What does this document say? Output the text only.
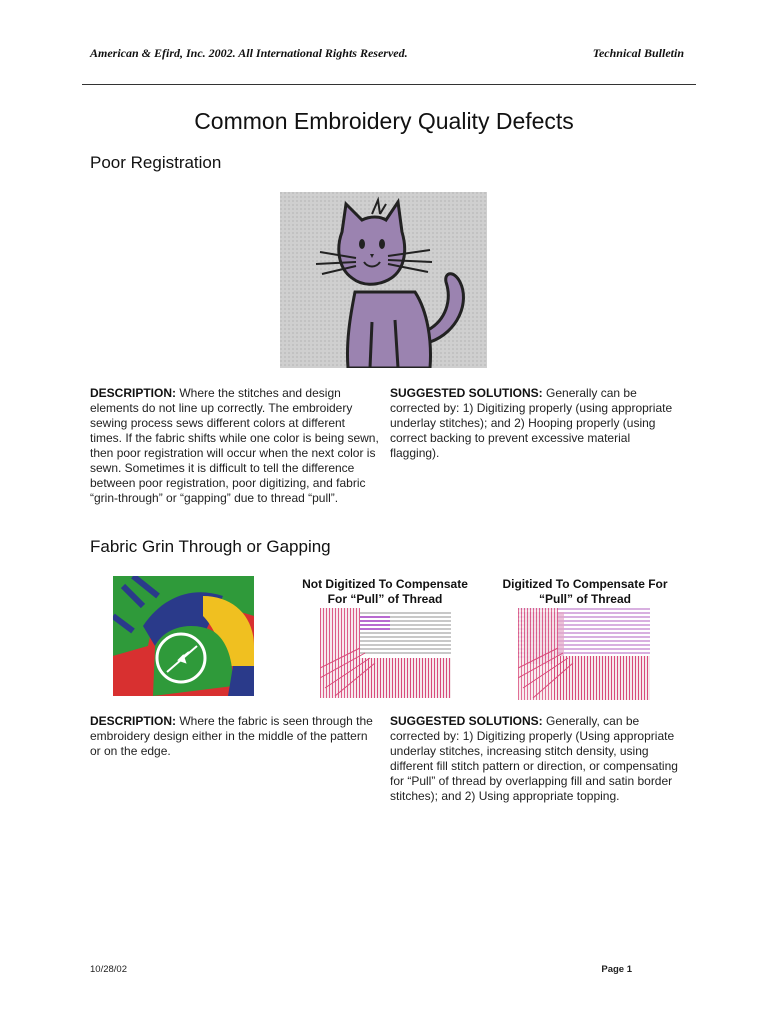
American & Efird, Inc. 2002. All International Rights Reserved.	Technical Bulletin
Common Embroidery Quality Defects
Poor Registration
DESCRIPTION: Where the stitches and design elements do not line up correctly. The embroidery sewing process sews different colors at different times. If the fabric shifts while one color is being sewn, then poor registration will occur when the next color is sewn. Sometimes it is difficult to tell the difference between poor registration, poor digitizing, and fabric “grin-through” or “gapping” due to thread “pull”.
SUGGESTED SOLUTIONS: Generally can be corrected by: 1) Digitizing properly (using appropriate underlay stitches); and 2) Hooping properly (using correct backing to prevent excessive material flagging).
Fabric Grin Through or Gapping
Not Digitized To Compensate
For “Pull” of Thread
Digitized To Compensate For
“Pull” of Thread
DESCRIPTION: Where the fabric is seen through the embroidery design either in the middle of the pattern or on the edge.
SUGGESTED SOLUTIONS: Generally, can be corrected by: 1) Digitizing properly (Using appropriate underlay stitches, increasing stitch density, using different fill stitch pattern or direction, or compensating for “Pull” of thread by overlapping fill and satin border stitches); and 2) Using appropriate topping.
10/28/02	Page 1
